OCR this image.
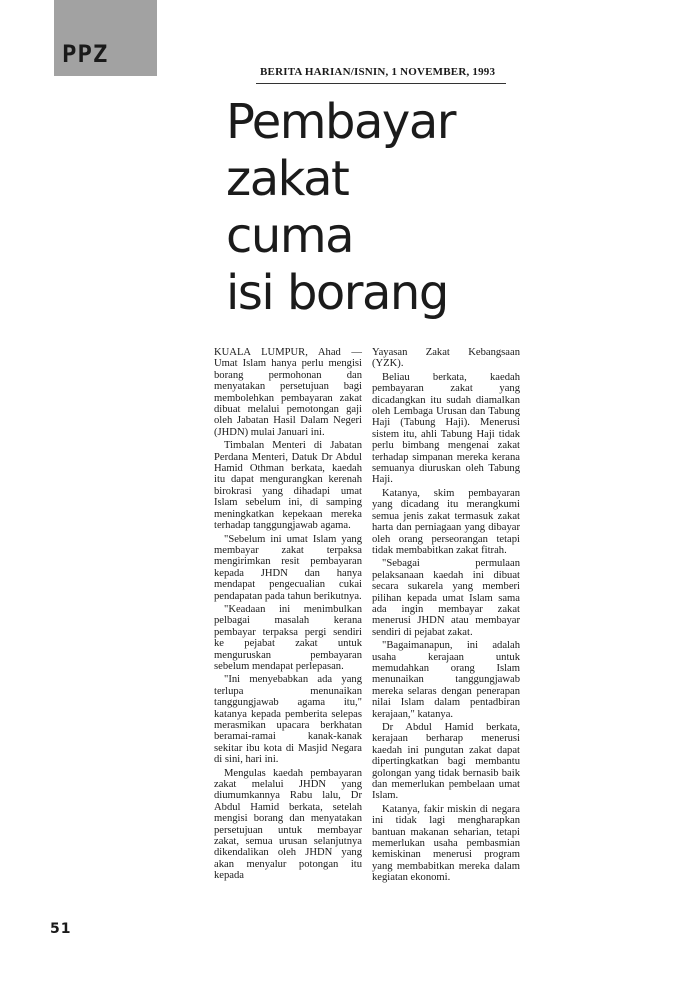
PPZ
BERITA HARIAN/ISNIN, 1 NOVEMBER, 1993
Pembayar
zakat
cuma
isi borang

KUALA LUMPUR, Ahad — Umat Islam hanya perlu mengisi borang permohonan dan menyatakan persetujuan bagi membolehkan pembayaran zakat dibuat melalui pemotongan gaji oleh Jabatan Hasil Dalam Negeri (JHDN) mulai Januari ini.

Timbalan Menteri di Jabatan Perdana Menteri, Datuk Dr Abdul Hamid Othman berkata, kaedah itu dapat mengurangkan kerenah birokrasi yang dihadapi umat Islam sebelum ini, di samping meningkatkan kepekaan mereka terhadap tanggungjawab agama.

"Sebelum ini umat Islam yang membayar zakat terpaksa mengirimkan resit pembayaran kepada JHDN dan hanya mendapat pengecualian cukai pendapatan pada tahun berikutnya.

"Keadaan ini menimbulkan pelbagai masalah kerana pembayar terpaksa pergi sendiri ke pejabat zakat untuk menguruskan pembayaran sebelum mendapat perlepasan.

"Ini menyebabkan ada yang terlupa menunaikan tanggungjawab agama itu," katanya kepada pemberita selepas merasmikan upacara berkhatan beramai-ramai kanak-kanak sekitar ibu kota di Masjid Negara di sini, hari ini.

Mengulas kaedah pembayaran zakat melalui JHDN yang diumumkannya Rabu lalu, Dr Abdul Hamid berkata, setelah mengisi borang dan menyatakan persetujuan untuk membayar zakat, semua urusan selanjutnya dikendalikan oleh JHDN yang akan menyalur potongan itu kepada

Yayasan Zakat Kebangsaan (YZK).

Beliau berkata, kaedah pembayaran zakat yang dicadangkan itu sudah diamalkan oleh Lembaga Urusan dan Tabung Haji (Tabung Haji). Menerusi sistem itu, ahli Tabung Haji tidak perlu bimbang mengenai zakat terhadap simpanan mereka kerana semuanya diuruskan oleh Tabung Haji.

Katanya, skim pembayaran yang dicadang itu merangkumi semua jenis zakat termasuk zakat harta dan perniagaan yang dibayar oleh orang perseorangan tetapi tidak membabitkan zakat fitrah.

"Sebagai permulaan pelaksanaan kaedah ini dibuat secara sukarela yang memberi pilihan kepada umat Islam sama ada ingin membayar zakat menerusi JHDN atau membayar sendiri di pejabat zakat.

"Bagaimanapun, ini adalah usaha kerajaan untuk memudahkan orang Islam menunaikan tanggungjawab mereka selaras dengan penerapan nilai Islam dalam pentadbiran kerajaan," katanya.

Dr Abdul Hamid berkata, kerajaan berharap menerusi kaedah ini pungutan zakat dapat dipertingkatkan bagi membantu golongan yang tidak bernasib baik dan memerlukan pembelaan umat Islam.

Katanya, fakir miskin di negara ini tidak lagi mengharapkan bantuan makanan seharian, tetapi memerlukan usaha pembasmian kemiskinan menerusi program yang membabitkan mereka dalam kegiatan ekonomi.

51
